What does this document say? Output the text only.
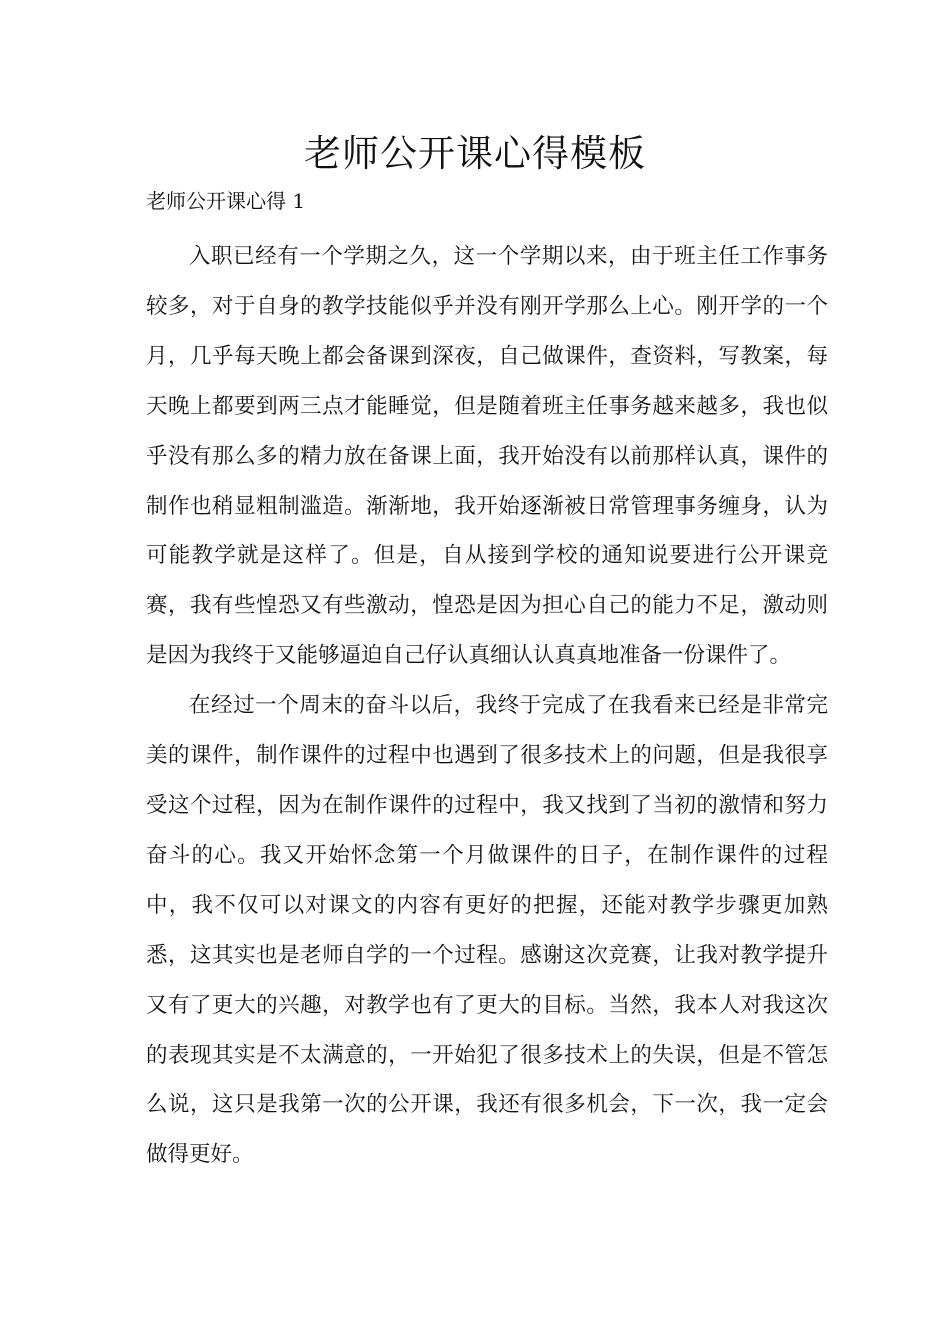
老师公开课心得模板
老师公开课心得 1

入职已经有一个学期之久，这一个学期以来，由于班主任工作事务较多，对于自身的教学技能似乎并没有刚开学那么上心。刚开学的一个月，几乎每天晚上都会备课到深夜，自己做课件，查资料，写教案，每天晚上都要到两三点才能睡觉，但是随着班主任事务越来越多，我也似乎没有那么多的精力放在备课上面，我开始没有以前那样认真，课件的制作也稍显粗制滥造。渐渐地，我开始逐渐被日常管理事务缠身，认为可能教学就是这样了。但是，自从接到学校的通知说要进行公开课竞赛，我有些惶恐又有些激动，惶恐是因为担心自己的能力不足，激动则是因为我终于又能够逼迫自己仔认真细认认真真地准备一份课件了。

在经过一个周末的奋斗以后，我终于完成了在我看来已经是非常完美的课件，制作课件的过程中也遇到了很多技术上的问题，但是我很享受这个过程，因为在制作课件的过程中，我又找到了当初的激情和努力奋斗的心。我又开始怀念第一个月做课件的日子，在制作课件的过程中，我不仅可以对课文的内容有更好的把握，还能对教学步骤更加熟悉，这其实也是老师自学的一个过程。感谢这次竞赛，让我对教学提升又有了更大的兴趣，对教学也有了更大的目标。当然，我本人对我这次的表现其实是不太满意的，一开始犯了很多技术上的失误，但是不管怎么说，这只是我第一次的公开课，我还有很多机会，下一次，我一定会做得更好。
